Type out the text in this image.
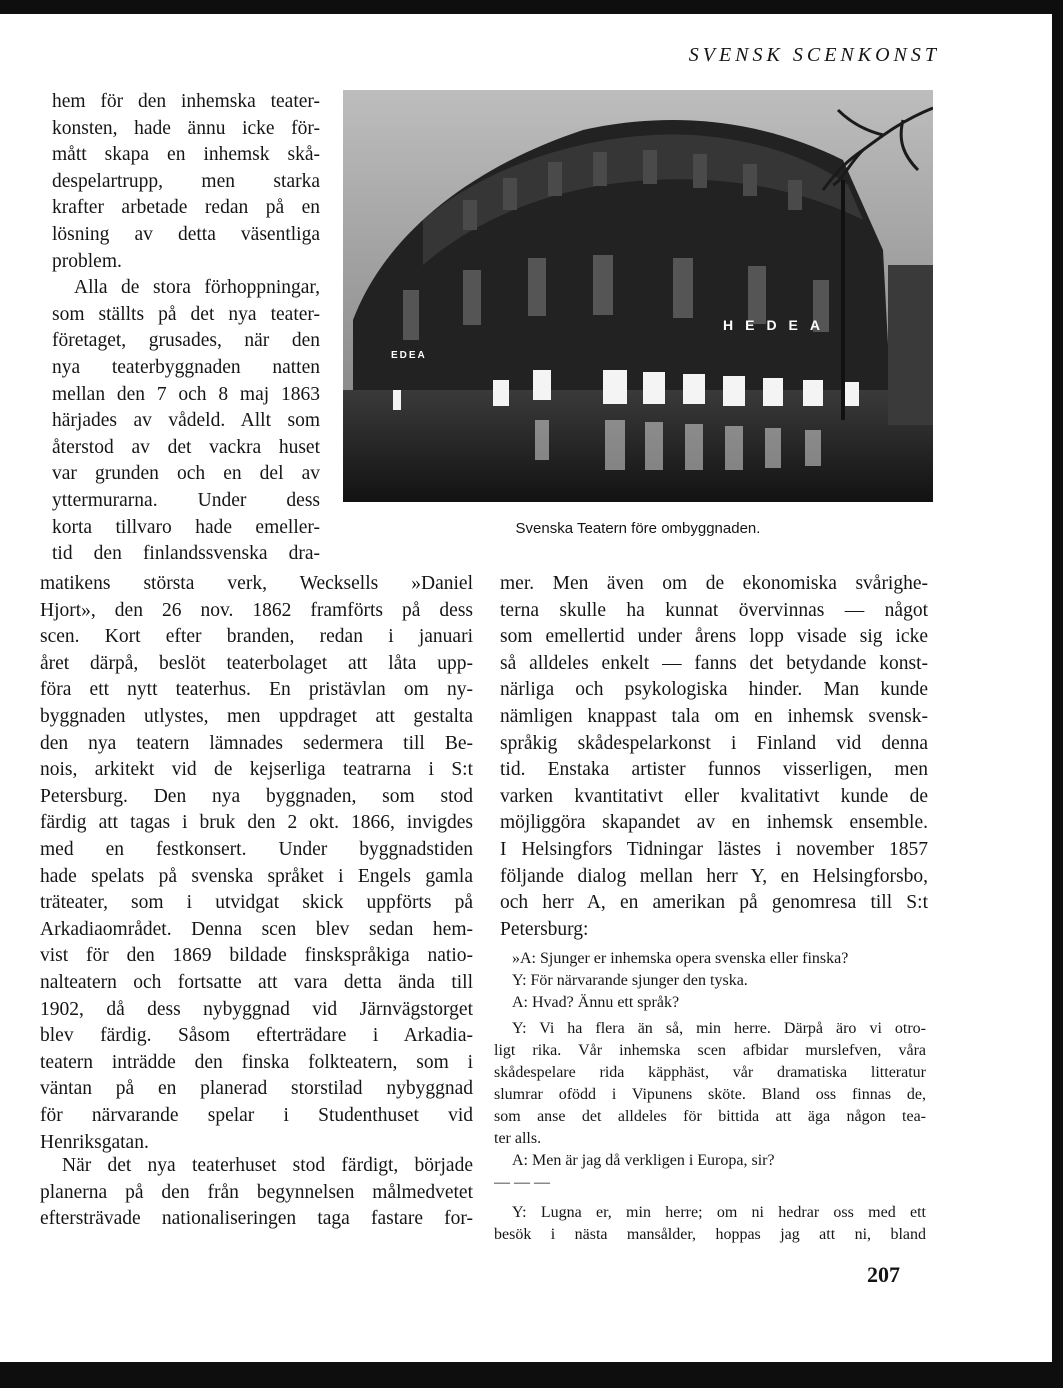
SVENSK SCENKONST
HEDEA
EDEA
Svenska Teatern före ombyggnaden.
hem för den inhemska teater-
konsten, hade ännu icke för-
mått skapa en inhemsk skå-
despelartrupp, men starka
krafter arbetade redan på en
lösning av detta väsentliga
problem.
Alla de stora förhoppningar,
som ställts på det nya teater-
företaget, grusades, när den
nya teaterbyggnaden natten
mellan den 7 och 8 maj 1863
härjades av vådeld. Allt som
återstod av det vackra huset
var grunden och en del av
yttermurarna. Under dess
korta tillvaro hade emeller-
tid den finlandssvenska dra-
matikens största verk, Wecksells »Daniel
Hjort», den 26 nov. 1862 framförts på dess
scen. Kort efter branden, redan i januari
året därpå, beslöt teaterbolaget att låta upp-
föra ett nytt teaterhus. En pristävlan om ny-
byggnaden utlystes, men uppdraget att gestalta
den nya teatern lämnades sedermera till Be-
nois, arkitekt vid de kejserliga teatrarna i S:t
Petersburg. Den nya byggnaden, som stod
färdig att tagas i bruk den 2 okt. 1866, invigdes
med en festkonsert. Under byggnadstiden
hade spelats på svenska språket i Engels gamla
träteater, som i utvidgat skick uppförts på
Arkadiaområdet. Denna scen blev sedan hem-
vist för den 1869 bildade finskspråkiga natio-
nalteatern och fortsatte att vara detta ända till
1902, då dess nybyggnad vid Järnvägstorget
blev färdig. Såsom efterträdare i Arkadia-
teatern inträdde den finska folkteatern, som i
väntan på en planerad storstilad nybyggnad
för närvarande spelar i Studenthuset vid
Henriksgatan.
När det nya teaterhuset stod färdigt, började
planerna på den från begynnelsen målmedvetet
eftersträvade nationaliseringen taga fastare for-
mer. Men även om de ekonomiska svårighe-
terna skulle ha kunnat övervinnas — något
som emellertid under årens lopp visade sig icke
så alldeles enkelt — fanns det betydande konst-
närliga och psykologiska hinder. Man kunde
nämligen knappast tala om en inhemsk svensk-
språkig skådespelarkonst i Finland vid denna
tid. Enstaka artister funnos visserligen, men
varken kvantitativt eller kvalitativt kunde de
möjliggöra skapandet av en inhemsk ensemble.
I Helsingfors Tidningar lästes i november 1857
följande dialog mellan herr Y, en Helsingforsbo,
och herr A, en amerikan på genomresa till S:t
Petersburg:
»A: Sjunger er inhemska opera svenska eller finska?
Y: För närvarande sjunger den tyska.
A: Hvad? Ännu ett språk?
Y: Vi ha flera än så, min herre. Därpå äro vi otro-
ligt rika. Vår inhemska scen afbidar murslefven, våra
skådespelare rida käpphäst, vår dramatiska litteratur
slumrar ofödd i Vipunens sköte. Bland oss finnas de,
som anse det alldeles för bittida att äga någon tea-
ter alls.
A: Men är jag då verkligen i Europa, sir?
— — —
Y: Lugna er, min herre; om ni hedrar oss med ett
besök i nästa mansålder, hoppas jag att ni, bland
207
